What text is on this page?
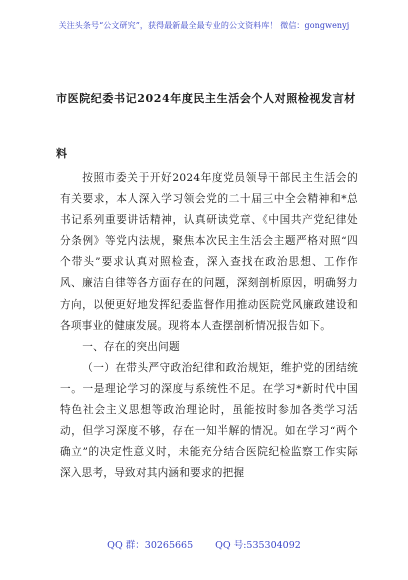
关注头条号“公文研究”，获得最新最全最专业的公文资料库！ 微信：gongwenyj
市医院纪委书记2024年度民主生活会个人对照检视发言材料

按照市委关于开好2024年度党员领导干部民主生活会的有关要求，本人深入学习领会党的二十届三中全会精神和*总书记系列重要讲话精神，认真研读党章、《中国共产党纪律处分条例》等党内法规，聚焦本次民主生活会主题严格对照“四个带头”要求认真对照检查，深入查找在政治思想、工作作风、廉洁自律等各方面存在的问题，深刻剖析原因，明确努力方向，以便更好地发挥纪委监督作用推动医院党风廉政建设和各项事业的健康发展。现将本人查摆剖析情况报告如下。

一、存在的突出问题

（一）在带头严守政治纪律和政治规矩，维护党的团结统一。一是理论学习的深度与系统性不足。在学习*新时代中国特色社会主义思想等政治理论时，虽能按时参加各类学习活动，但学习深度不够，存在一知半解的情况。如在学习“两个确立”的决定性意义时，未能充分结合医院纪检监察工作实际深入思考，导致对其内涵和要求的把握

QQ 群：30265665 QQ 号:535304092
